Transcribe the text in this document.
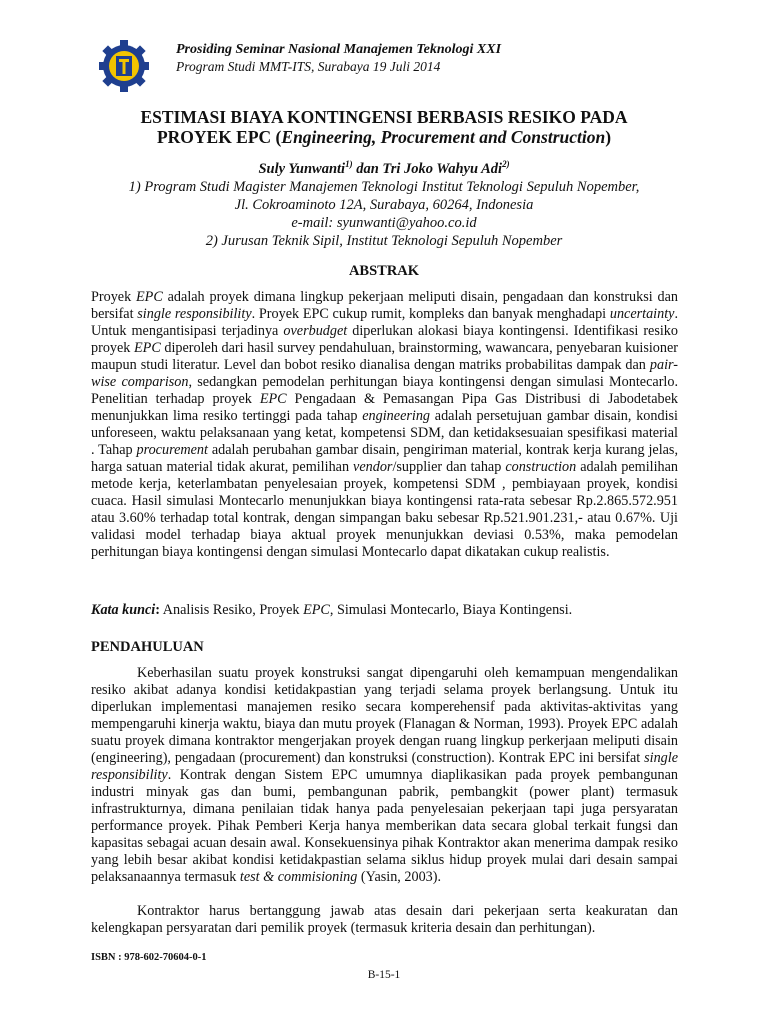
Prosiding Seminar Nasional Manajemen Teknologi XXI
Program Studi MMT-ITS, Surabaya 19 Juli 2014
ESTIMASI BIAYA KONTINGENSI BERBASIS RESIKO PADA
PROYEK EPC (Engineering, Procurement and Construction)
Suly Yunwanti$^{1)}$ dan Tri Joko Wahyu Adi$^{2)}$
1) Program Studi Magister Manajemen Teknologi Institut Teknologi Sepuluh Nopember,
Jl. Cokroaminoto 12A, Surabaya, 60264, Indonesia
e-mail: syunwanti@yahoo.co.id
2) Jurusan Teknik Sipil, Institut Teknologi Sepuluh Nopember
ABSTRAK
Proyek EPC adalah proyek dimana lingkup pekerjaan meliputi disain, pengadaan dan konstruksi dan bersifat single responsibility. Proyek EPC cukup rumit, kompleks dan banyak menghadapi uncertainty. Untuk mengantisipasi terjadinya overbudget diperlukan alokasi biaya kontingensi. Identifikasi resiko proyek EPC diperoleh dari hasil survey pendahuluan, brainstorming, wawancara, penyebaran kuisioner maupun studi literatur. Level dan bobot resiko dianalisa dengan matriks probabilitas dampak dan pair-wise comparison, sedangkan pemodelan perhitungan biaya kontingensi dengan simulasi Montecarlo. Penelitian terhadap proyek EPC Pengadaan & Pemasangan Pipa Gas Distribusi di Jabodetabek menunjukkan lima resiko tertinggi pada tahap engineering adalah persetujuan gambar disain, kondisi unforeseen, waktu pelaksanaan yang ketat, kompetensi SDM, dan ketidaksesuaian spesifikasi material . Tahap procurement adalah perubahan gambar disain, pengiriman material, kontrak kerja kurang jelas, harga satuan material tidak akurat, pemilihan vendor/supplier dan tahap construction adalah pemilihan metode kerja, keterlambatan penyelesaian proyek, kompetensi SDM , pembiayaan proyek, kondisi cuaca. Hasil simulasi Montecarlo menunjukkan biaya kontingensi rata-rata sebesar Rp.2.865.572.951 atau 3.60% terhadap total kontrak, dengan simpangan baku sebesar Rp.521.901.231,- atau 0.67%. Uji validasi model terhadap biaya aktual proyek menunjukkan deviasi 0.53%, maka pemodelan perhitungan biaya kontingensi dengan simulasi Montecarlo dapat dikatakan cukup realistis.
Kata kunci: Analisis Resiko, Proyek EPC, Simulasi Montecarlo, Biaya Kontingensi.
PENDAHULUAN
Keberhasilan suatu proyek konstruksi sangat dipengaruhi oleh kemampuan mengendalikan resiko akibat adanya kondisi ketidakpastian yang terjadi selama proyek berlangsung. Untuk itu diperlukan implementasi manajemen resiko secara komperehensif pada aktivitas-aktivitas yang mempengaruhi kinerja waktu, biaya dan mutu proyek (Flanagan & Norman, 1993). Proyek EPC adalah suatu proyek dimana kontraktor mengerjakan proyek dengan ruang lingkup perkerjaan meliputi disain (engineering), pengadaan (procurement) dan konstruksi (construction). Kontrak EPC ini bersifat single responsibility. Kontrak dengan Sistem EPC umumnya diaplikasikan pada proyek pembangunan industri minyak gas dan bumi, pembangunan pabrik, pembangkit (power plant) termasuk infrastrukturnya, dimana penilaian tidak hanya pada penyelesaian pekerjaan tapi juga persyaratan performance proyek. Pihak Pemberi Kerja hanya memberikan data secara global terkait fungsi dan kapasitas sebagai acuan desain awal. Konsekuensinya pihak Kontraktor akan menerima dampak resiko yang lebih besar akibat kondisi ketidakpastian selama siklus hidup proyek mulai dari desain sampai pelaksanaannya termasuk test & commisioning (Yasin, 2003).
Kontraktor harus bertanggung jawab atas desain dari pekerjaan serta keakuratan dan kelengkapan persyaratan dari pemilik proyek (termasuk kriteria desain dan perhitungan).
ISBN : 978-602-70604-0-1
B-15-1
